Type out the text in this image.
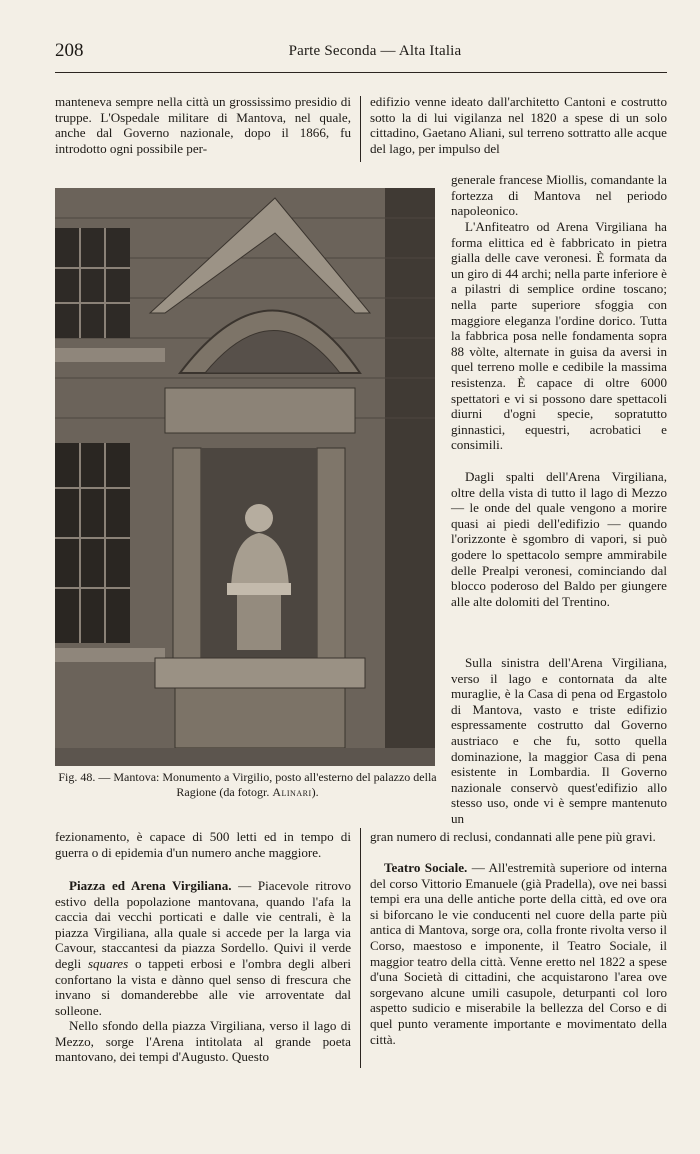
208	Parte Seconda — Alta Italia

manteneva sempre nella città un grossissimo presidio di truppe. L'Ospedale militare di Mantova, nel quale, anche dal Governo nazionale, dopo il 1866, fu introdotto ogni possibile per-

edifizio venne ideato dall'architetto Cantoni e costrutto sotto la di lui vigilanza nel 1820 a spese di un solo cittadino, Gaetano Aliani, sul terreno sottratto alle acque del lago, per impulso del

generale francese Miollis, comandante la fortezza di Mantova nel periodo napoleonico.

L'Anfiteatro od Arena Virgiliana ha forma elittica ed è fabbricato in pietra gialla delle cave veronesi. È formata da un giro di 44 archi; nella parte inferiore è a pilastri di semplice ordine toscano; nella parte superiore sfoggia con maggiore eleganza l'ordine dorico. Tutta la fabbrica posa nelle fondamenta sopra 88 vòlte, alternate in guisa da aversi in quel terreno molle e cedibile la massima resistenza. È capace di oltre 6000 spettatori e vi si possono dare spettacoli diurni d'ogni specie, sopratutto ginnastici, equestri, acrobatici e consimili.

Dagli spalti dell'Arena Virgiliana, oltre della vista di tutto il lago di Mezzo — le onde del quale vengono a morire quasi ai piedi dell'edifizio — quando l'orizzonte è sgombro di vapori, si può godere lo spettacolo sempre ammirabile delle Prealpi veronesi, cominciando dal blocco poderoso del Baldo per giungere alle alte dolomiti del Trentino.

Sulla sinistra dell'Arena Virgiliana, verso il lago e contornata da alte muraglie, è la Casa di pena od Ergastolo di Mantova, vasto e triste edifizio espressamente costrutto dal Governo austriaco e che fu, sotto quella dominazione, la maggior Casa di pena esistente in Lombardia. Il Governo nazionale conservò quest'edifizio allo stesso uso, onde vi è sempre mantenuto un

Fig. 48. — Mantova: Monumento a Virgilio, posto all'esterno del palazzo della Ragione (da fotogr. Alinari).

fezionamento, è capace di 500 letti ed in tempo di guerra o di epidemia d'un numero anche maggiore.

Piazza ed Arena Virgiliana. — Piacevole ritrovo estivo della popolazione mantovana, quando l'afa la caccia dai vecchi porticati e dalle vie centrali, è la piazza Virgiliana, alla quale si accede per la larga via Cavour, staccantesi da piazza Sordello. Quivi il verde degli squares o tappeti erbosi e l'ombra degli alberi confortano la vista e dànno quel senso di frescura che invano si domanderebbe alle vie arroventate dal solleone.

Nello sfondo della piazza Virgiliana, verso il lago di Mezzo, sorge l'Arena intitolata al grande poeta mantovano, dei tempi d'Augusto. Questo

gran numero di reclusi, condannati alle pene più gravi.

Teatro Sociale. — All'estremità superiore od interna del corso Vittorio Emanuele (già Pradella), ove nei bassi tempi era una delle antiche porte della città, ed ove ora si biforcano le vie conducenti nel cuore della parte più antica di Mantova, sorge ora, colla fronte rivolta verso il Corso, maestoso e imponente, il Teatro Sociale, il maggior teatro della città. Venne eretto nel 1822 a spese d'una Società di cittadini, che acquistarono l'area ove sorgevano alcune umili casupole, deturpanti col loro aspetto sudicio e miserabile la bellezza del Corso e di quel punto veramente importante e movimentato della città.
